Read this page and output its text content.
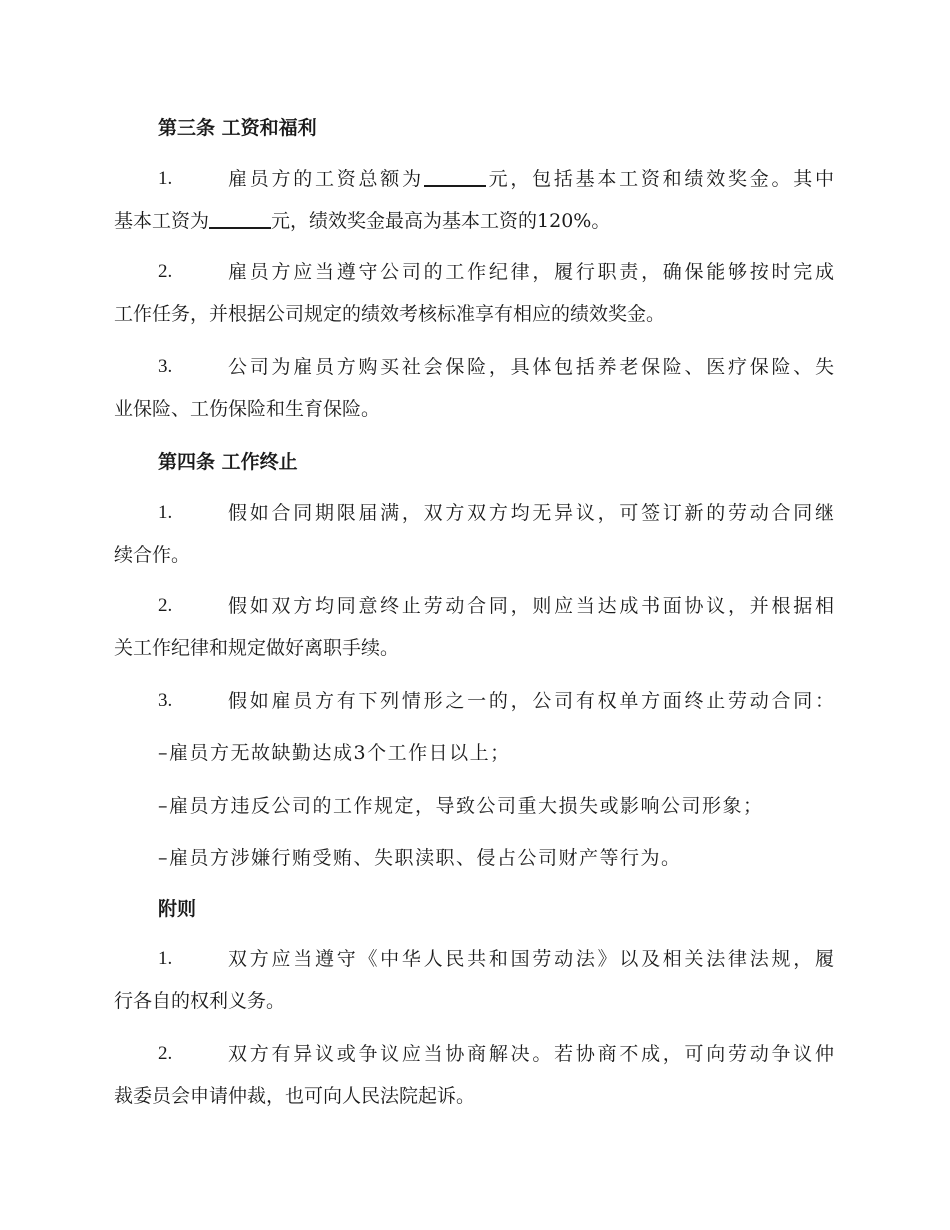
第三条 工资和福利
1.	雇员方的工资总额为	元，包括基本工资和绩效奖金。其中
基本工资为	元，绩效奖金最高为基本工资的120%。
2.	雇员方应当遵守公司的工作纪律，履行职责，确保能够按时完成
工作任务，并根据公司规定的绩效考核标准享有相应的绩效奖金。
3.	公司为雇员方购买社会保险，具体包括养老保险、医疗保险、失
业保险、工伤保险和生育保险。
第四条 工作终止
1.	假如合同期限届满，双方双方均无异议，可签订新的劳动合同继
续合作。
2.	假如双方均同意终止劳动合同，则应当达成书面协议，并根据相
关工作纪律和规定做好离职手续。
3.	假如雇员方有下列情形之一的，公司有权单方面终止劳动合同：
–雇员方无故缺勤达成3个工作日以上；
–雇员方违反公司的工作规定，导致公司重大损失或影响公司形象；
–雇员方涉嫌行贿受贿、失职渎职、侵占公司财产等行为。
附则
1.	双方应当遵守《中华人民共和国劳动法》以及相关法律法规，履
行各自的权利义务。
2.	双方有异议或争议应当协商解决。若协商不成，可向劳动争议仲
裁委员会申请仲裁，也可向人民法院起诉。
